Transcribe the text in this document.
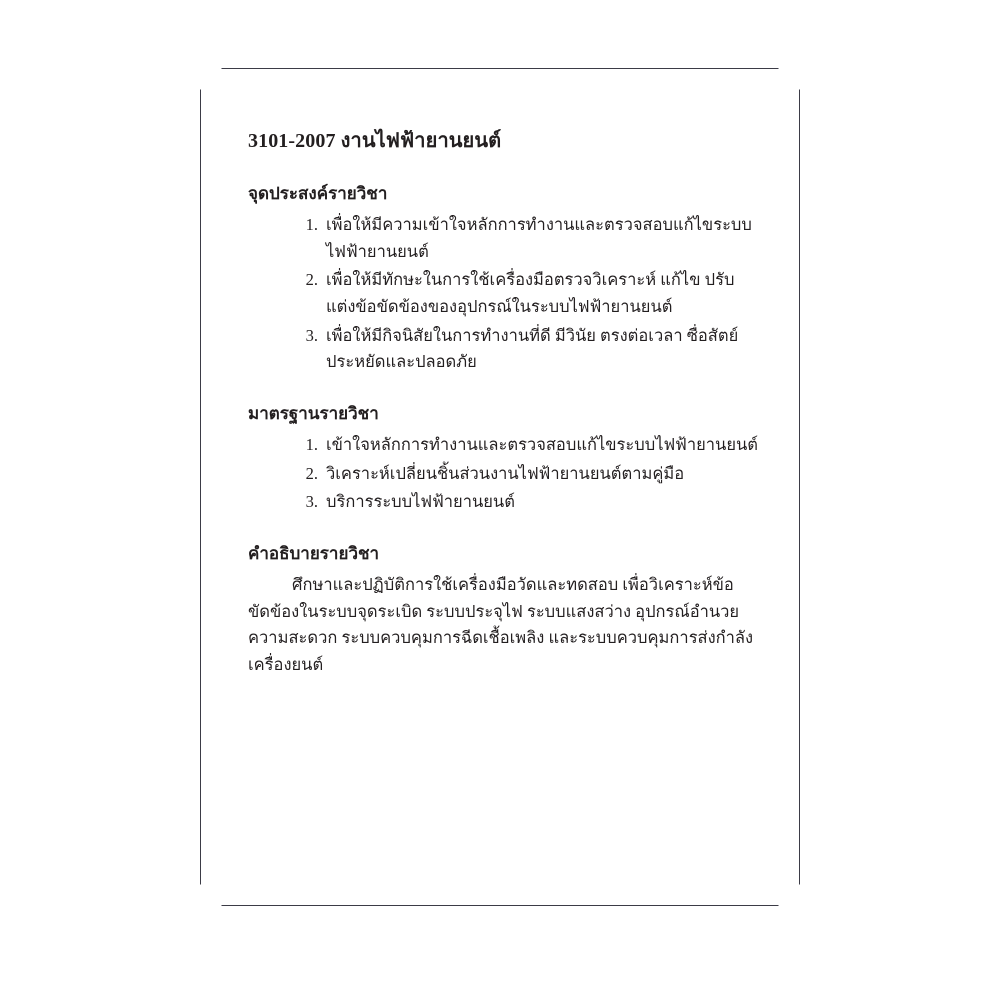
3101-2007 งานไฟฟ้ายานยนต์
จุดประสงค์รายวิชา
เพื่อให้มีความเข้าใจหลักการทำงานและตรวจสอบแก้ไขระบบไฟฟ้ายานยนต์
เพื่อให้มีทักษะในการใช้เครื่องมือตรวจวิเคราะห์ แก้ไข ปรับแต่งข้อขัดข้องของอุปกรณ์ในระบบไฟฟ้ายานยนต์
เพื่อให้มีกิจนิสัยในการทำงานที่ดี มีวินัย ตรงต่อเวลา ซื่อสัตย์ ประหยัดและปลอดภัย
มาตรฐานรายวิชา
เข้าใจหลักการทำงานและตรวจสอบแก้ไขระบบไฟฟ้ายานยนต์
วิเคราะห์เปลี่ยนชิ้นส่วนงานไฟฟ้ายานยนต์ตามคู่มือ
บริการระบบไฟฟ้ายานยนต์
คำอธิบายรายวิชา

ศึกษาและปฏิบัติการใช้เครื่องมือวัดและทดสอบ เพื่อวิเคราะห์ข้อขัดข้องในระบบจุดระเบิด ระบบประจุไฟ ระบบแสงสว่าง อุปกรณ์อำนวยความสะดวก ระบบควบคุมการฉีดเชื้อเพลิง และระบบควบคุมการส่งกำลังเครื่องยนต์
